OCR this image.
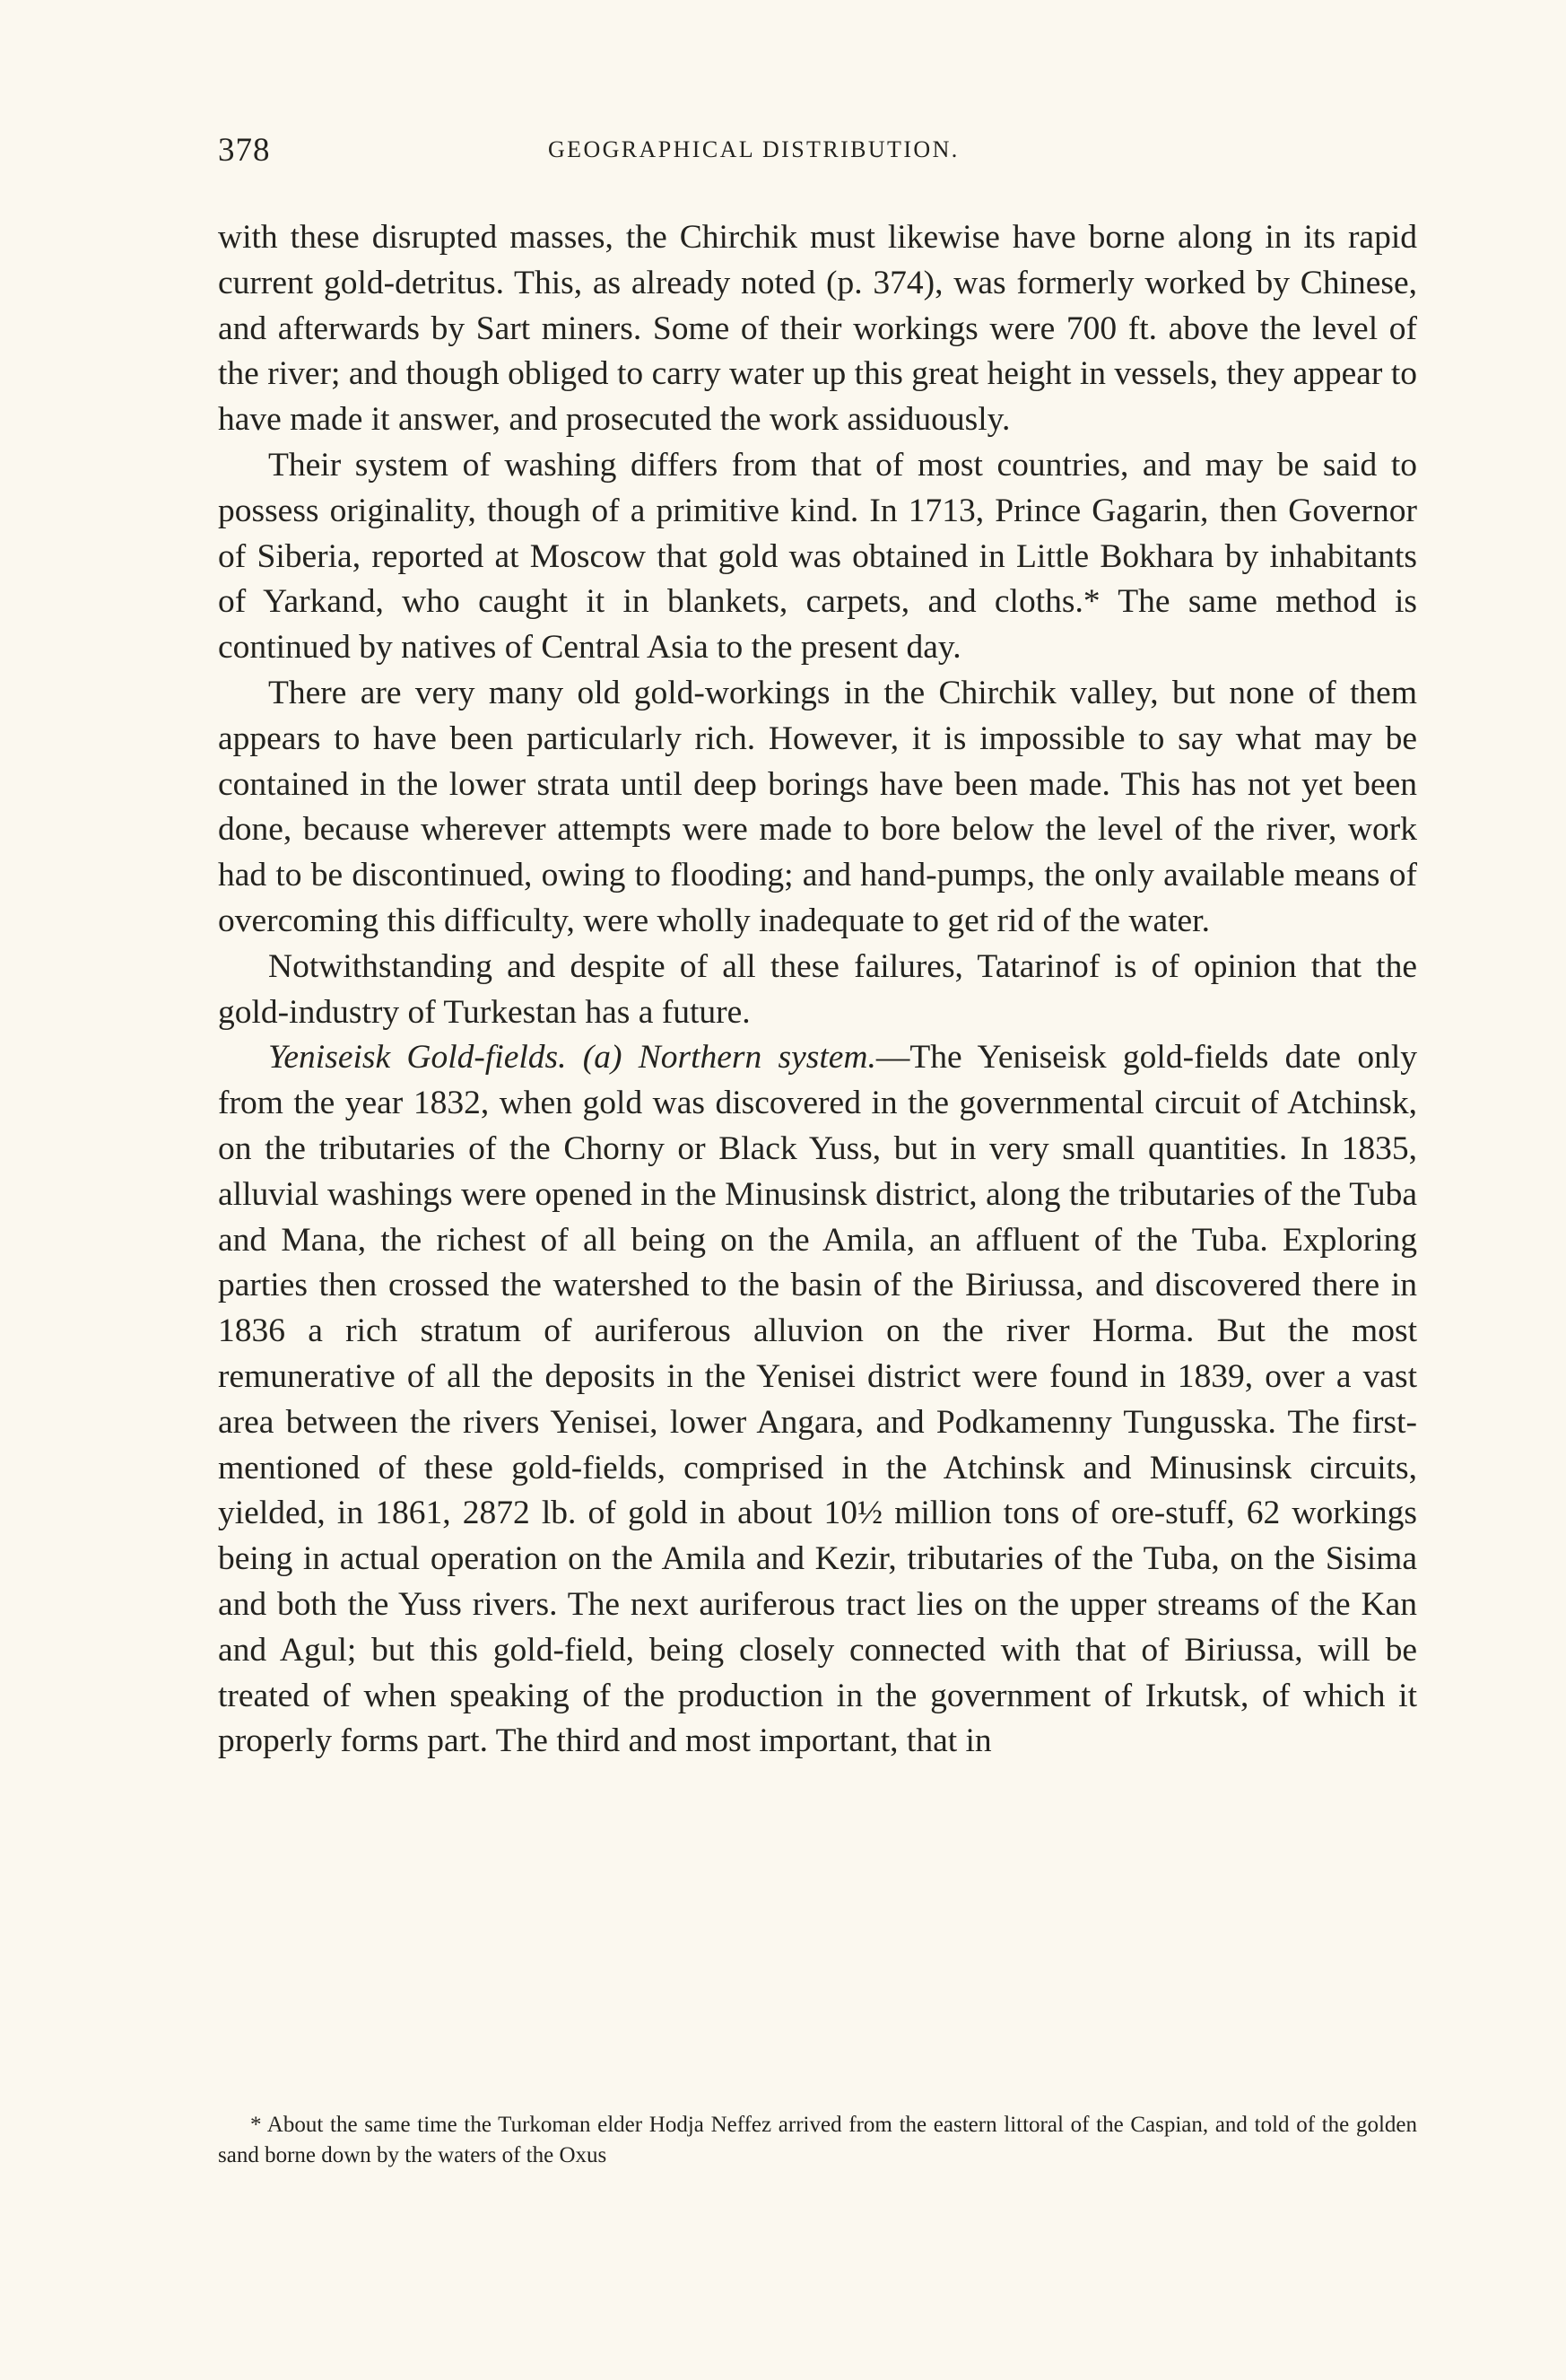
378	GEOGRAPHICAL DISTRIBUTION.

with these disrupted masses, the Chirchik must likewise have borne along in its rapid current gold-detritus. This, as already noted (p. 374), was formerly worked by Chinese, and afterwards by Sart miners. Some of their workings were 700 ft. above the level of the river; and though obliged to carry water up this great height in vessels, they appear to have made it answer, and prosecuted the work assiduously.

Their system of washing differs from that of most countries, and may be said to possess originality, though of a primitive kind. In 1713, Prince Gagarin, then Governor of Siberia, reported at Moscow that gold was obtained in Little Bokhara by inhabitants of Yarkand, who caught it in blankets, carpets, and cloths.* The same method is continued by natives of Central Asia to the present day.

There are very many old gold-workings in the Chirchik valley, but none of them appears to have been particularly rich. However, it is impossible to say what may be contained in the lower strata until deep borings have been made. This has not yet been done, because wherever attempts were made to bore below the level of the river, work had to be discontinued, owing to flooding; and hand-pumps, the only available means of overcoming this difficulty, were wholly inadequate to get rid of the water.

Notwithstanding and despite of all these failures, Tatarinof is of opinion that the gold-industry of Turkestan has a future.

Yeniseisk Gold-fields. (a) Northern system.—The Yeniseisk gold-fields date only from the year 1832, when gold was discovered in the governmental circuit of Atchinsk, on the tributaries of the Chorny or Black Yuss, but in very small quantities. In 1835, alluvial washings were opened in the Minusinsk district, along the tributaries of the Tuba and Mana, the richest of all being on the Amila, an affluent of the Tuba. Exploring parties then crossed the watershed to the basin of the Biriussa, and discovered there in 1836 a rich stratum of auriferous alluvion on the river Horma. But the most remunerative of all the deposits in the Yenisei district were found in 1839, over a vast area between the rivers Yenisei, lower Angara, and Podkamenny Tungusska. The first-mentioned of these gold-fields, comprised in the Atchinsk and Minusinsk circuits, yielded, in 1861, 2872 lb. of gold in about 10½ million tons of ore-stuff, 62 workings being in actual operation on the Amila and Kezir, tributaries of the Tuba, on the Sisima and both the Yuss rivers. The next auriferous tract lies on the upper streams of the Kan and Agul; but this gold-field, being closely connected with that of Biriussa, will be treated of when speaking of the production in the government of Irkutsk, of which it properly forms part. The third and most important, that in

* About the same time the Turkoman elder Hodja Neffez arrived from the eastern littoral of the Caspian, and told of the golden sand borne down by the waters of the Oxus
